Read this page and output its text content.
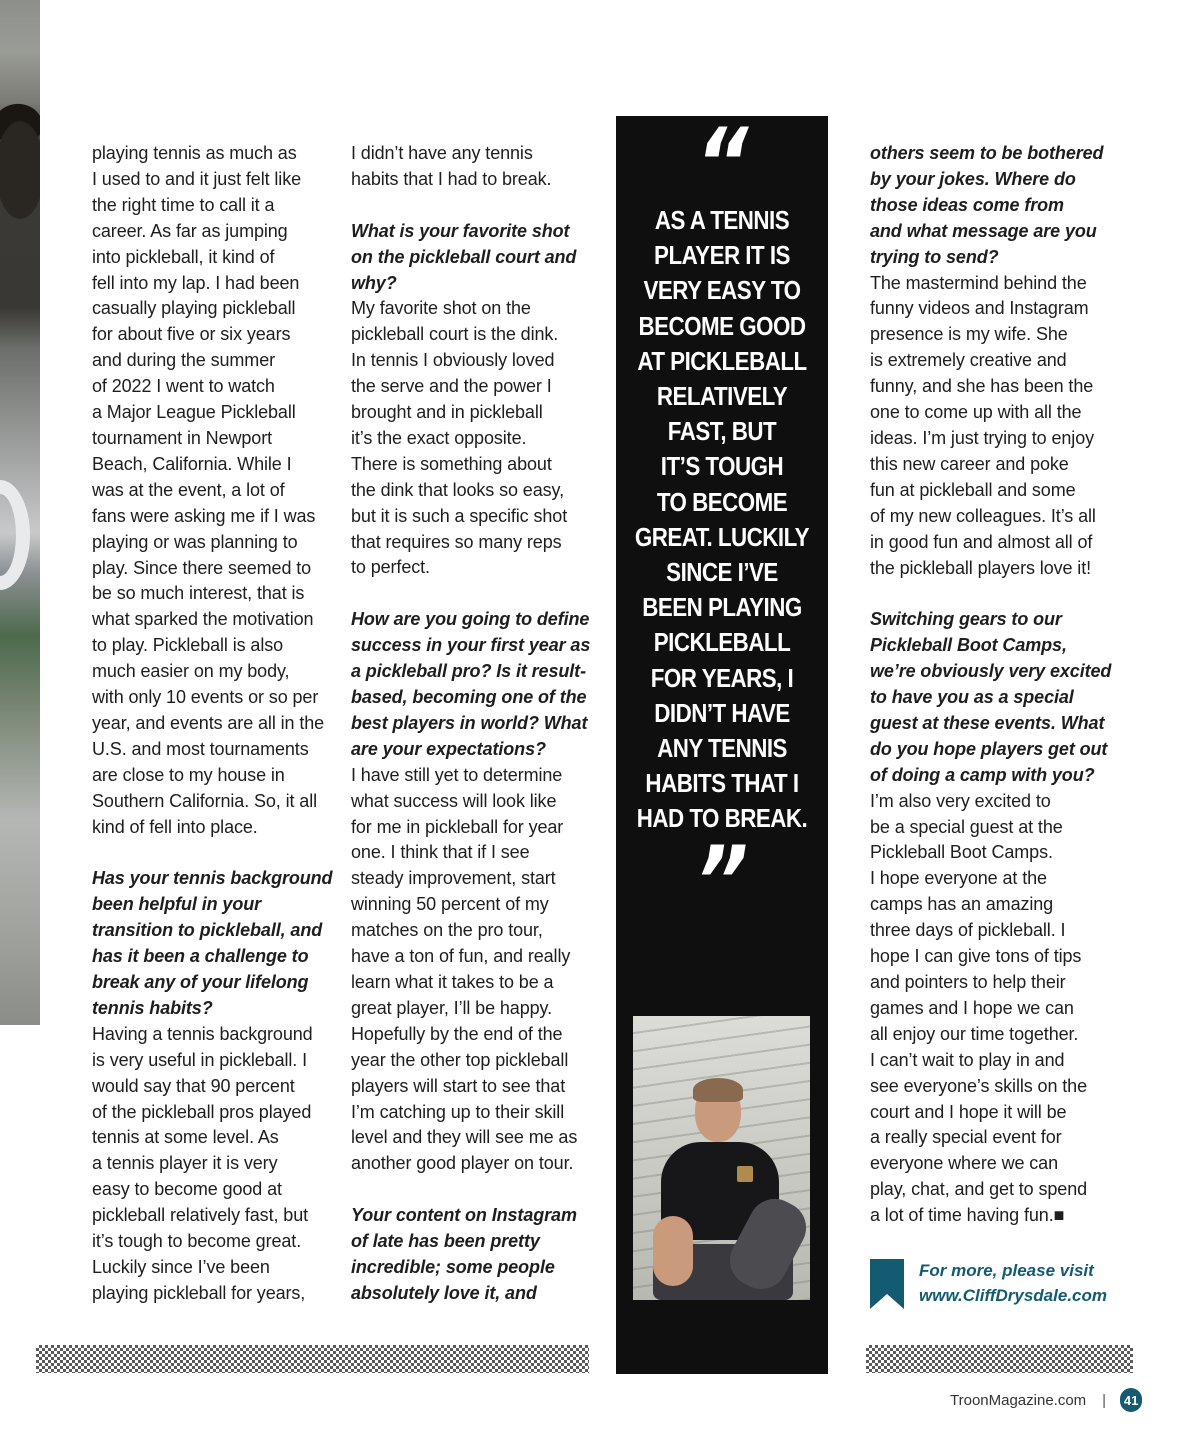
playing tennis as much as

I used to and it just felt like

the right time to call it a

career. As far as jumping

into pickleball, it kind of

fell into my lap. I had been

casually playing pickleball

for about five or six years

and during the summer

of 2022 I went to watch

a Major League Pickleball

tournament in Newport

Beach, California. While I

was at the event, a lot of

fans were asking me if I was

playing or was planning to

play. Since there seemed to

be so much interest, that is

what sparked the motivation

to play. Pickleball is also

much easier on my body,

with only 10 events or so per

year, and events are all in the

U.S. and most tournaments

are close to my house in

Southern California. So, it all

kind of fell into place.

Has your tennis background

been helpful in your

transition to pickleball, and

has it been a challenge to

break any of your lifelong

tennis habits?

Having a tennis background

is very useful in pickleball. I

would say that 90 percent

of the pickleball pros played

tennis at some level. As

a tennis player it is very

easy to become good at

pickleball relatively fast, but

it’s tough to become great.

Luckily since I’ve been

playing pickleball for years,

I didn’t have any tennis

habits that I had to break.

What is your favorite shot

on the pickleball court and

why?

My favorite shot on the

pickleball court is the dink.

In tennis I obviously loved

the serve and the power I

brought and in pickleball

it’s the exact opposite.

There is something about

the dink that looks so easy,

but it is such a specific shot

that requires so many reps

to perfect.

How are you going to define

success in your first year as

a pickleball pro? Is it result-

based, becoming one of the

best players in world? What

are your expectations?

I have still yet to determine

what success will look like

for me in pickleball for year

one. I think that if I see

steady improvement, start

winning 50 percent of my

matches on the pro tour,

have a ton of fun, and really

learn what it takes to be a

great player, I’ll be happy.

Hopefully by the end of the

year the other top pickleball

players will start to see that

I’m catching up to their skill

level and they will see me as

another good player on tour.

Your content on Instagram

of late has been pretty

incredible; some people

absolutely love it, and

“
AS A TENNIS
PLAYER IT IS
VERY EASY TO
BECOME GOOD
AT PICKLEBALL
RELATIVELY
FAST, BUT
IT’S TOUGH
TO BECOME
GREAT. LUCKILY
SINCE I’VE
BEEN PLAYING
PICKLEBALL
FOR YEARS, I
DIDN’T HAVE
ANY TENNIS
HABITS THAT I
HAD TO BREAK.
”

others seem to be bothered

by your jokes. Where do

those ideas come from

and what message are you

trying to send?

The mastermind behind the

funny videos and Instagram

presence is my wife. She

is extremely creative and

funny, and she has been the

one to come up with all the

ideas. I’m just trying to enjoy

this new career and poke

fun at pickleball and some

of my new colleagues. It’s all

in good fun and almost all of

the pickleball players love it!

Switching gears to our

Pickleball Boot Camps,

we’re obviously very excited

to have you as a special

guest at these events. What

do you hope players get out

of doing a camp with you?

I’m also very excited to

be a special guest at the

Pickleball Boot Camps.

I hope everyone at the

camps has an amazing

three days of pickleball. I

hope I can give tons of tips

and pointers to help their

games and I hope we can

all enjoy our time together.

I can’t wait to play in and

see everyone’s skills on the

court and I hope it will be

a really special event for

everyone where we can

play, chat, and get to spend

a lot of time having fun.■

For more, please visit
www.CliffDrysdale.com
TroonMagazine.com | 41
